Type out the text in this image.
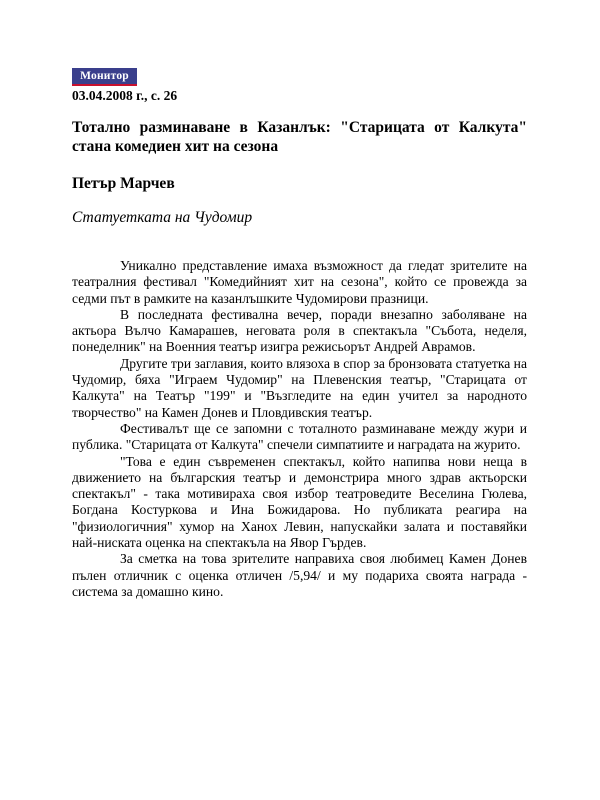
Монитор
03.04.2008 г., с. 26
Тотално разминаване в Казанлък: "Старицата от Калкута" стана комедиен хит на сезона
Петър Марчев
Статуетката на Чудомир

Уникално представление имаха възможност да гледат зрителите на театралния фестивал "Комедийният хит на сезона", който се провежда за седми път в рамките на казанлъшките Чудомирови празници.

В последната фестивална вечер, поради внезапно заболяване на актьора Вълчо Камарашев, неговата роля в спектакъла "Събота, неделя, понеделник" на Военния театър изигра режисьорът Андрей Аврамов.

Другите три заглавия, които влязоха в спор за бронзовата статуетка на Чудомир, бяха "Играем Чудомир" на Плевенския театър, "Старицата от Калкута" на Театър "199" и "Възгледите на един учител за народното творчество" на Камен Донев и Пловдивския театър.

Фестивалът ще се запомни с тоталното разминаване между жури и публика. "Старицата от Калкута" спечели симпатиите и наградата на журито.

"Това е един съвременен спектакъл, който напипва нови неща в движението на българския театър и демонстрира много здрав актьорски спектакъл" - така мотивираха своя избор театроведите Веселина Гюлева, Богдана Костуркова и Ина Божидарова. Но публиката реагира на "физиологичния" хумор на Ханох Левин, напускайки залата и поставяйки най-ниската оценка на спектакъла на Явор Гърдев.

За сметка на това зрителите направиха своя любимец Камен Донев пълен отличник с оценка отличен /5,94/ и му подариха своята награда - система за домашно кино.
